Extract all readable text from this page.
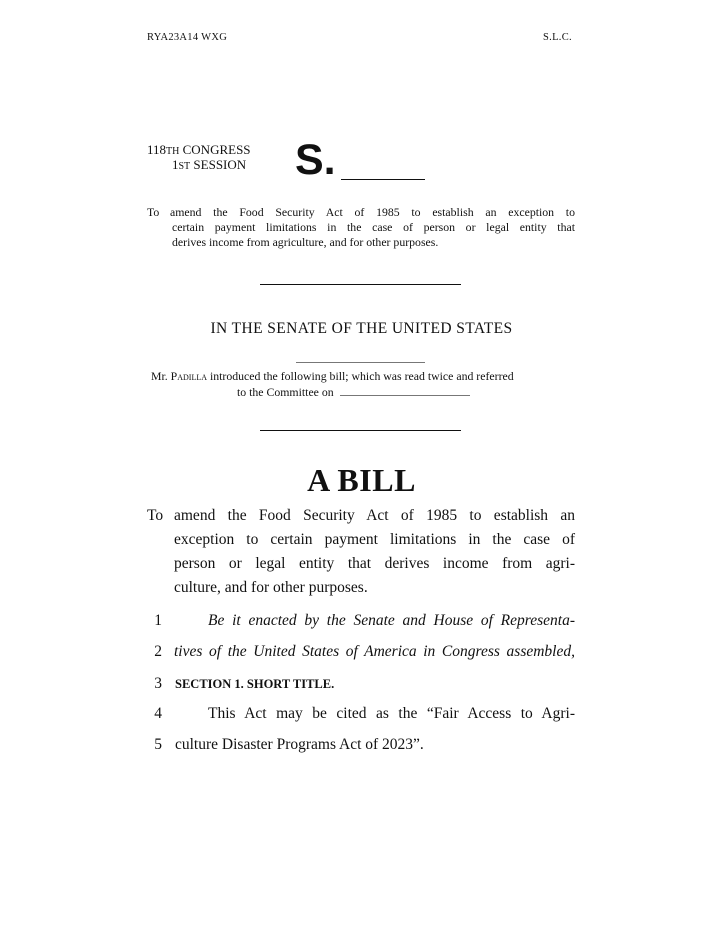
RYA23A14 WXG	S.L.C.
118TH CONGRESS
1ST SESSION S.
To amend the Food Security Act of 1985 to establish an exception to
certain payment limitations in the case of person or legal entity that
derives income from agriculture, and for other purposes.
IN THE SENATE OF THE UNITED STATES
Mr. Padilla introduced the following bill; which was read twice and referred
to the Committee on
A BILL
To amend the Food Security Act of 1985 to establish an
exception to certain payment limitations in the case of
person or legal entity that derives income from agri-
culture, and for other purposes.
1	Be it enacted by the Senate and House of Representa-
2 tives of the United States of America in Congress assembled,
3 SECTION 1. SHORT TITLE.
4	This Act may be cited as the “Fair Access to Agri-
5 culture Disaster Programs Act of 2023”.
